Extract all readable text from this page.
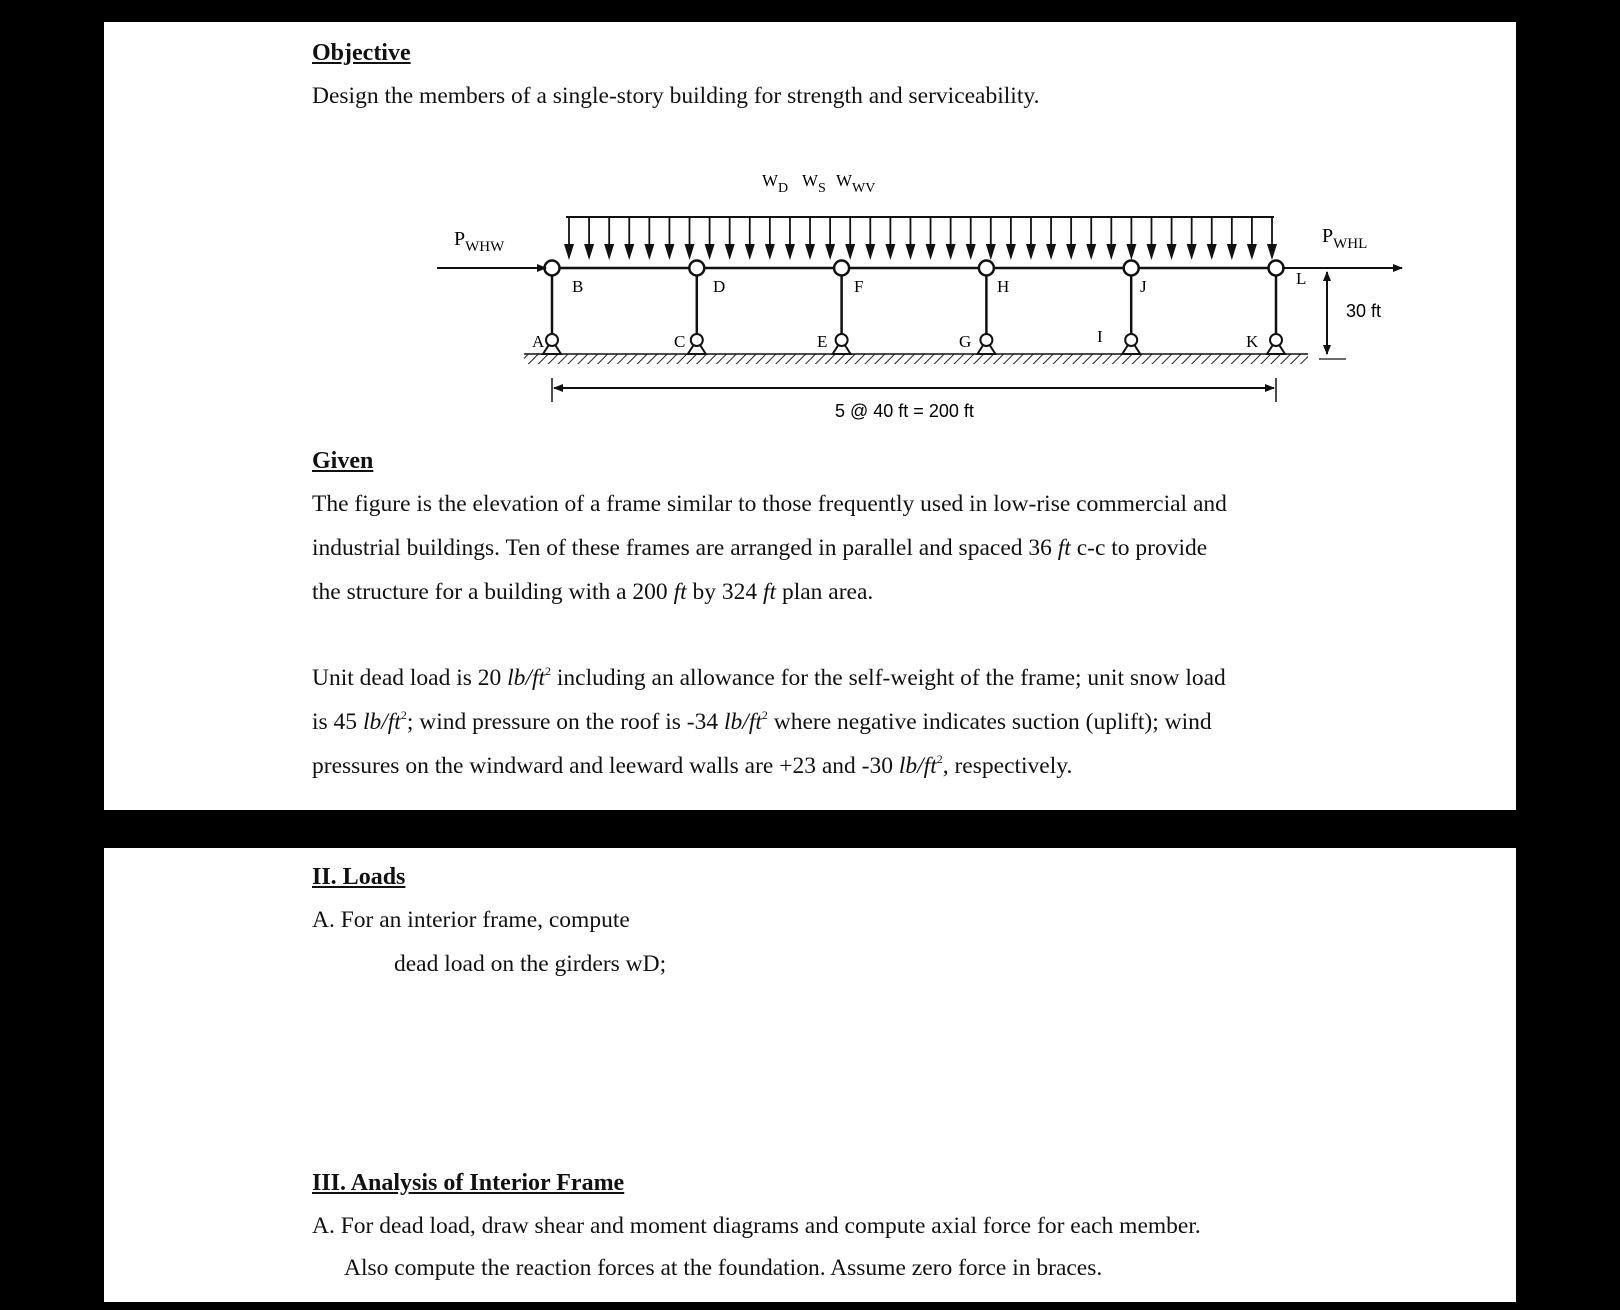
Objective

Design the members of a single-story building for strength and serviceability.

$W_D$ $W_S$ $W_{WV}$
B	D	F	H	J	L
A	C	E	G	I	K
$P_{WHW}$	$P_{WHL}$
30 ft
5 @ 40 ft = 200 ft
Given

The figure is the elevation of a frame similar to those frequently used in low-rise commercial and
industrial buildings. Ten of these frames are arranged in parallel and spaced 36 ft c-c to provide
the structure for a building with a 200 ft by 324 ft plan area.

Unit dead load is 20 $lb/ft^2$ including an allowance for the self-weight of the frame; unit snow load
is 45 $lb/ft^2$; wind pressure on the roof is -34 $lb/ft^2$ where negative indicates suction (uplift); wind
pressures on the windward and leeward walls are +23 and -30 $lb/ft^2$, respectively.

II. Loads

A. For an interior frame, compute

dead load on the girders wD;

III. Analysis of Interior Frame

A. For dead load, draw shear and moment diagrams and compute axial force for each member.

Also compute the reaction forces at the foundation. Assume zero force in braces.
